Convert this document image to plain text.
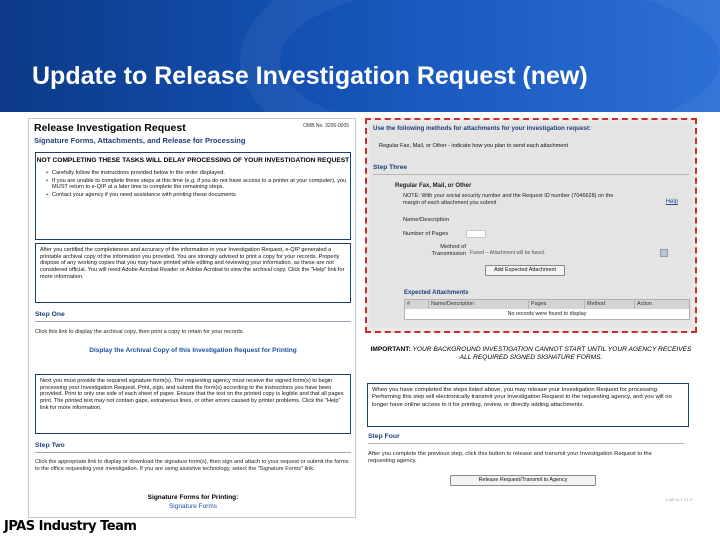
Update to Release Investigation Request (new)
Release Investigation Request
Signature Forms, Attachments, and Release for Processing
OMB No. 3206-0005
NOT COMPLETING THESE TASKS WILL DELAY PROCESSING OF YOUR INVESTIGATION REQUEST
• Carefully follow the instructions provided below in the order displayed.
• If you are unable to complete these steps at this time (e.g. if you do not have access to a printer at your computer), you MUST return to e-QIP at a later time to complete the remaining steps.
• Contact your agency if you need assistance with printing these documents.
After you certified the completeness and accuracy of the information in your Investigation Request, e-QIP generated a printable archival copy of the information you provided. You are strongly advised to print a copy for your records. Properly dispose of any working copies that you may have printed while editing and reviewing your information, as these are not considered official. You will need Adobe Acrobat Reader or Adobe Acrobat to view the archival copy. Click the "Help" link for more information.
Step One
Click this link to display the archival copy, then print a copy to retain for your records.
Display the Archival Copy of this Investigation Request for Printing
Next you must provide the required signature form(s). The requesting agency must receive the signed form(s) to begin processing your Investigation Request. Print, sign, and submit the form(s) according to the instructions you have been provided. Print to only one side of each sheet of paper. Ensure that the text on the printed copy is legible and that all pages print. The printed text may not contain gaps, extraneous lines, or other errors caused by printer problems. Click the "Help" link for more information.
Step Two
Click the appropriate link to display or download the signature form(s), then sign and attach to your request or submit the forms to the office requesting your investigation. If you are using assistive technology, select the "Signature Forms" link.
Signature Forms for Printing:
Signature Forms
Use the following methods for attachments for your investigation request:
Regular Fax, Mail, or Other - indicate how you plan to send each attachment
Step Three
Regular Fax, Mail, or Other
NOTE: With your social security number and the Request ID number (7046628) on the margin of each attachment you submit	Help
Name/Description
Number of Pages
Method of Transmission Faxed -- Attachment will be faxed.
Add Expected Attachment
Expected Attachments
#	Name/Description	Pages	Method	Action
No records were found to display
IMPORTANT: YOUR BACKGROUND INVESTIGATION CANNOT START UNTIL YOUR AGENCY RECEIVES ALL REQUIRED SIGNED SIGNATURE FORMS.
When you have completed the steps listed above, you may release your Investigation Request for processing. Performing this step will electronically transmit your Investigation Request to the requesting agency, and you will no longer have online access to it for printing, review, or directly adding attachments.
Step Four
After you complete the previous step, click this button to release and transmit your Investigation Request to the requesting agency.
Release Request/Transmit to Agency
e-QIP v2.1.7.3.17
JPAS Industry Team
